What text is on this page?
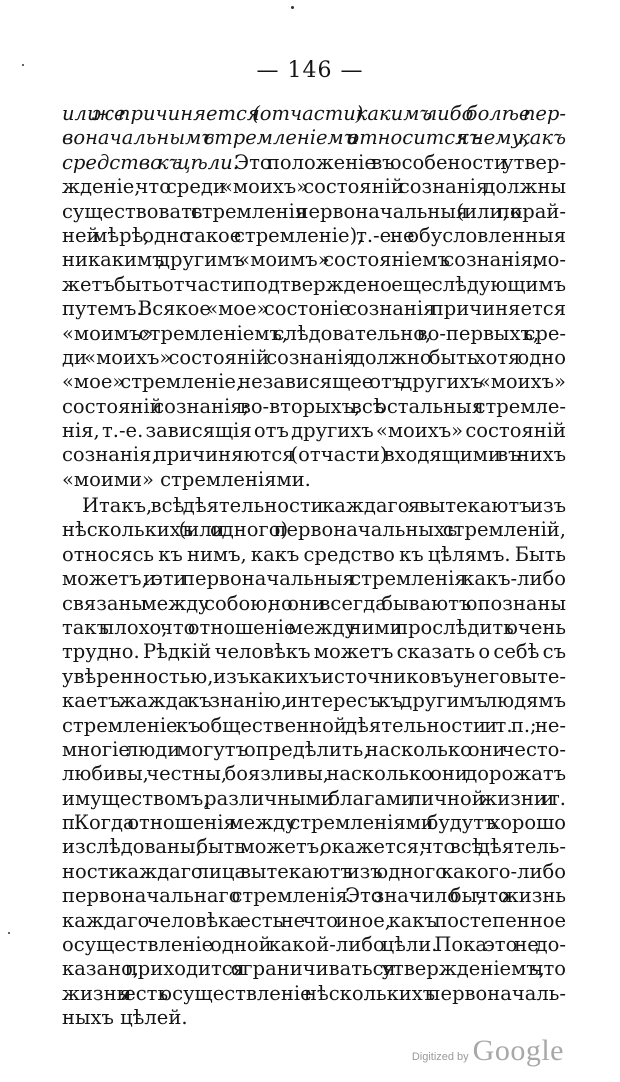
— 146 —
или же причиняется (отчасти) какимъ либо болѣе пер-
воначальнымъ стремленіемъ и относится къ нему, какъ
средство къ цѣли. Это положеніе въ особености утвер-
жденіе, что среди «моихъ» состояній сознанія должны
существовать стремленія первоначальныя (или, по край-
ней мѣрѣ, одно такое стремленіе), т.-е. не обусловленныя
никакимъ другимъ «моимъ» состояніемъ сознанія, мо-
жетъ быть отчасти подтверждено еще слѣдующимъ
путемъ. Всякое «мое» состоніе сознанія причиняется
«моимъ» стремленіемъ, слѣдовательно, во-первыхъ, сре-
ди «моихъ» состояній сознанія должно быть хотя одно
«мое» стремленіе, независящее отъ другихъ «моихъ»
состояній сознанія; во-вторыхъ, всѣ остальныя стремле-
нія, т.-е. зависящія отъ другихъ «моихъ» состояній
сознанія, причиняются (отчасти) входящими въ нихъ
«моими» стремленіями.
Итакъ, всѣ дѣятельности каждаго я вытекаютъ изъ
нѣсколькихъ (или одного) первоначальныхъ стремленій,
относясь къ нимъ, какъ средство къ цѣлямъ. Быть
можетъ, и эти первоначальныя стремленія какъ-либо
связаны между собою, но они всегда бываютъ опознаны
такъ плохо, что отношеніе между ними прослѣдить очень
трудно. Рѣдкій человѣкъ можетъ сказать о себѣ съ
увѣренностью, изъ какихъ источниковъ у него выте-
каетъ жажда къ знанію, интересъ къ другимъ людямъ
стремленіе къ общественной дѣятельности и т. п.; не-
многіе люди могутъ опредѣлить, насколько они често-
любивы, честны, боязливы, насколько они дорожатъ
имуществомъ, различными благами личной жизни и т.
п. Когда отношенія между стремленіями будутъ хорошо
изслѣдованы, быть можетъ, окажется, что всѣ дѣятель-
ности каждаго лица вытекаютъ изъ одного какого-либо
первоначальнаго стремленія. Это значило бы, что жизнь
каждаго человѣка есть не что иное, какъ постепенное
осуществленіе одной какой-либо цѣли. Пока это не до-
казано, приходится ограничиваться утвержденіемъ, что
жизнь я есть осуществленіе нѣсколькихъ первоначаль-
ныхъ цѣлей.
Digitized by Google
